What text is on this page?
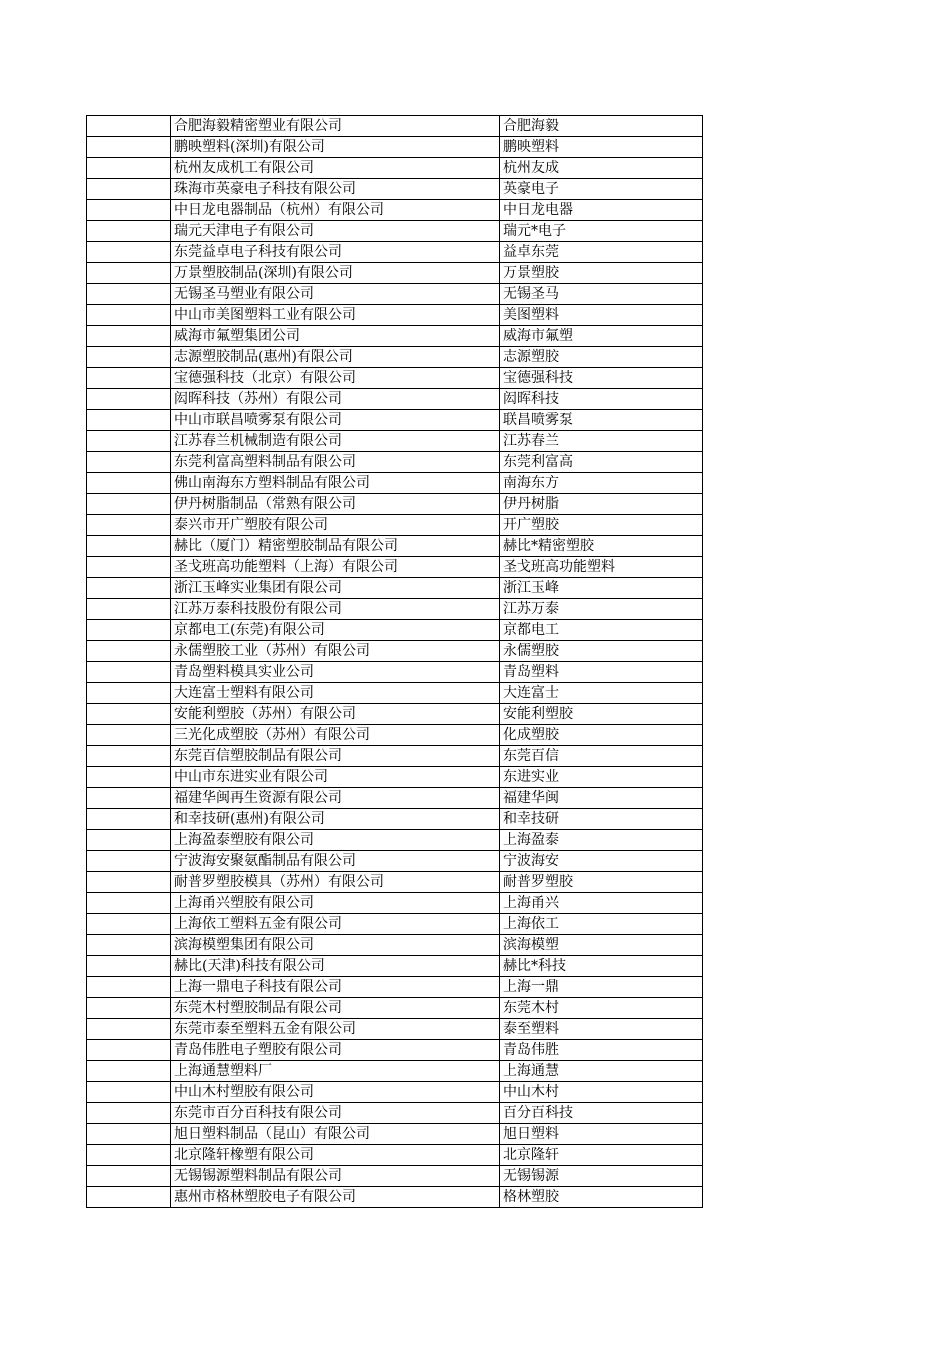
	合肥海毅精密塑业有限公司	合肥海毅
	鹏映塑料(深圳)有限公司	鹏映塑料
	杭州友成机工有限公司	杭州友成
	珠海市英豪电子科技有限公司	英豪电子
	中日龙电器制品（杭州）有限公司	中日龙电器
	瑞元天津电子有限公司	瑞元*电子
	东莞益卓电子科技有限公司	益卓东莞
	万景塑胶制品(深圳)有限公司	万景塑胶
	无锡圣马塑业有限公司	无锡圣马
	中山市美图塑料工业有限公司	美图塑料
	威海市氟塑集团公司	威海市氟塑
	志源塑胶制品(惠州)有限公司	志源塑胶
	宝德强科技（北京）有限公司	宝德强科技
	闳晖科技（苏州）有限公司	闳晖科技
	中山市联昌喷雾泵有限公司	联昌喷雾泵
	江苏春兰机械制造有限公司	江苏春兰
	东莞利富高塑料制品有限公司	东莞利富高
	佛山南海东方塑料制品有限公司	南海东方
	伊丹树脂制品（常熟有限公司	伊丹树脂
	泰兴市开广塑胶有限公司	开广塑胶
	赫比（厦门）精密塑胶制品有限公司	赫比*精密塑胶
	圣戈班高功能塑料（上海）有限公司	圣戈班高功能塑料
	浙江玉峰实业集团有限公司	浙江玉峰
	江苏万泰科技股份有限公司	江苏万泰
	京都电工(东莞)有限公司	京都电工
	永儒塑胶工业（苏州）有限公司	永儒塑胶
	青岛塑料模具实业公司	青岛塑料
	大连富士塑料有限公司	大连富士
	安能利塑胶（苏州）有限公司	安能利塑胶
	三光化成塑胶（苏州）有限公司	化成塑胶
	东莞百信塑胶制品有限公司	东莞百信
	中山市东进实业有限公司	东进实业
	福建华闽再生资源有限公司	福建华闽
	和幸技研(惠州)有限公司	和幸技研
	上海盈泰塑胶有限公司	上海盈泰
	宁波海安聚氨酯制品有限公司	宁波海安
	耐普罗塑胶模具（苏州）有限公司	耐普罗塑胶
	上海甬兴塑胶有限公司	上海甬兴
	上海依工塑料五金有限公司	上海依工
	滨海模塑集团有限公司	滨海模塑
	赫比(天津)科技有限公司	赫比*科技
	上海一鼎电子科技有限公司	上海一鼎
	东莞木村塑胶制品有限公司	东莞木村
	东莞市泰至塑料五金有限公司	泰至塑料
	青岛伟胜电子塑胶有限公司	青岛伟胜
	上海通慧塑料厂	上海通慧
	中山木村塑胶有限公司	中山木村
	东莞市百分百科技有限公司	百分百科技
	旭日塑料制品（昆山）有限公司	旭日塑料
	北京隆轩橡塑有限公司	北京隆轩
	无锡锡源塑料制品有限公司	无锡锡源
	惠州市格林塑胶电子有限公司	格林塑胶
